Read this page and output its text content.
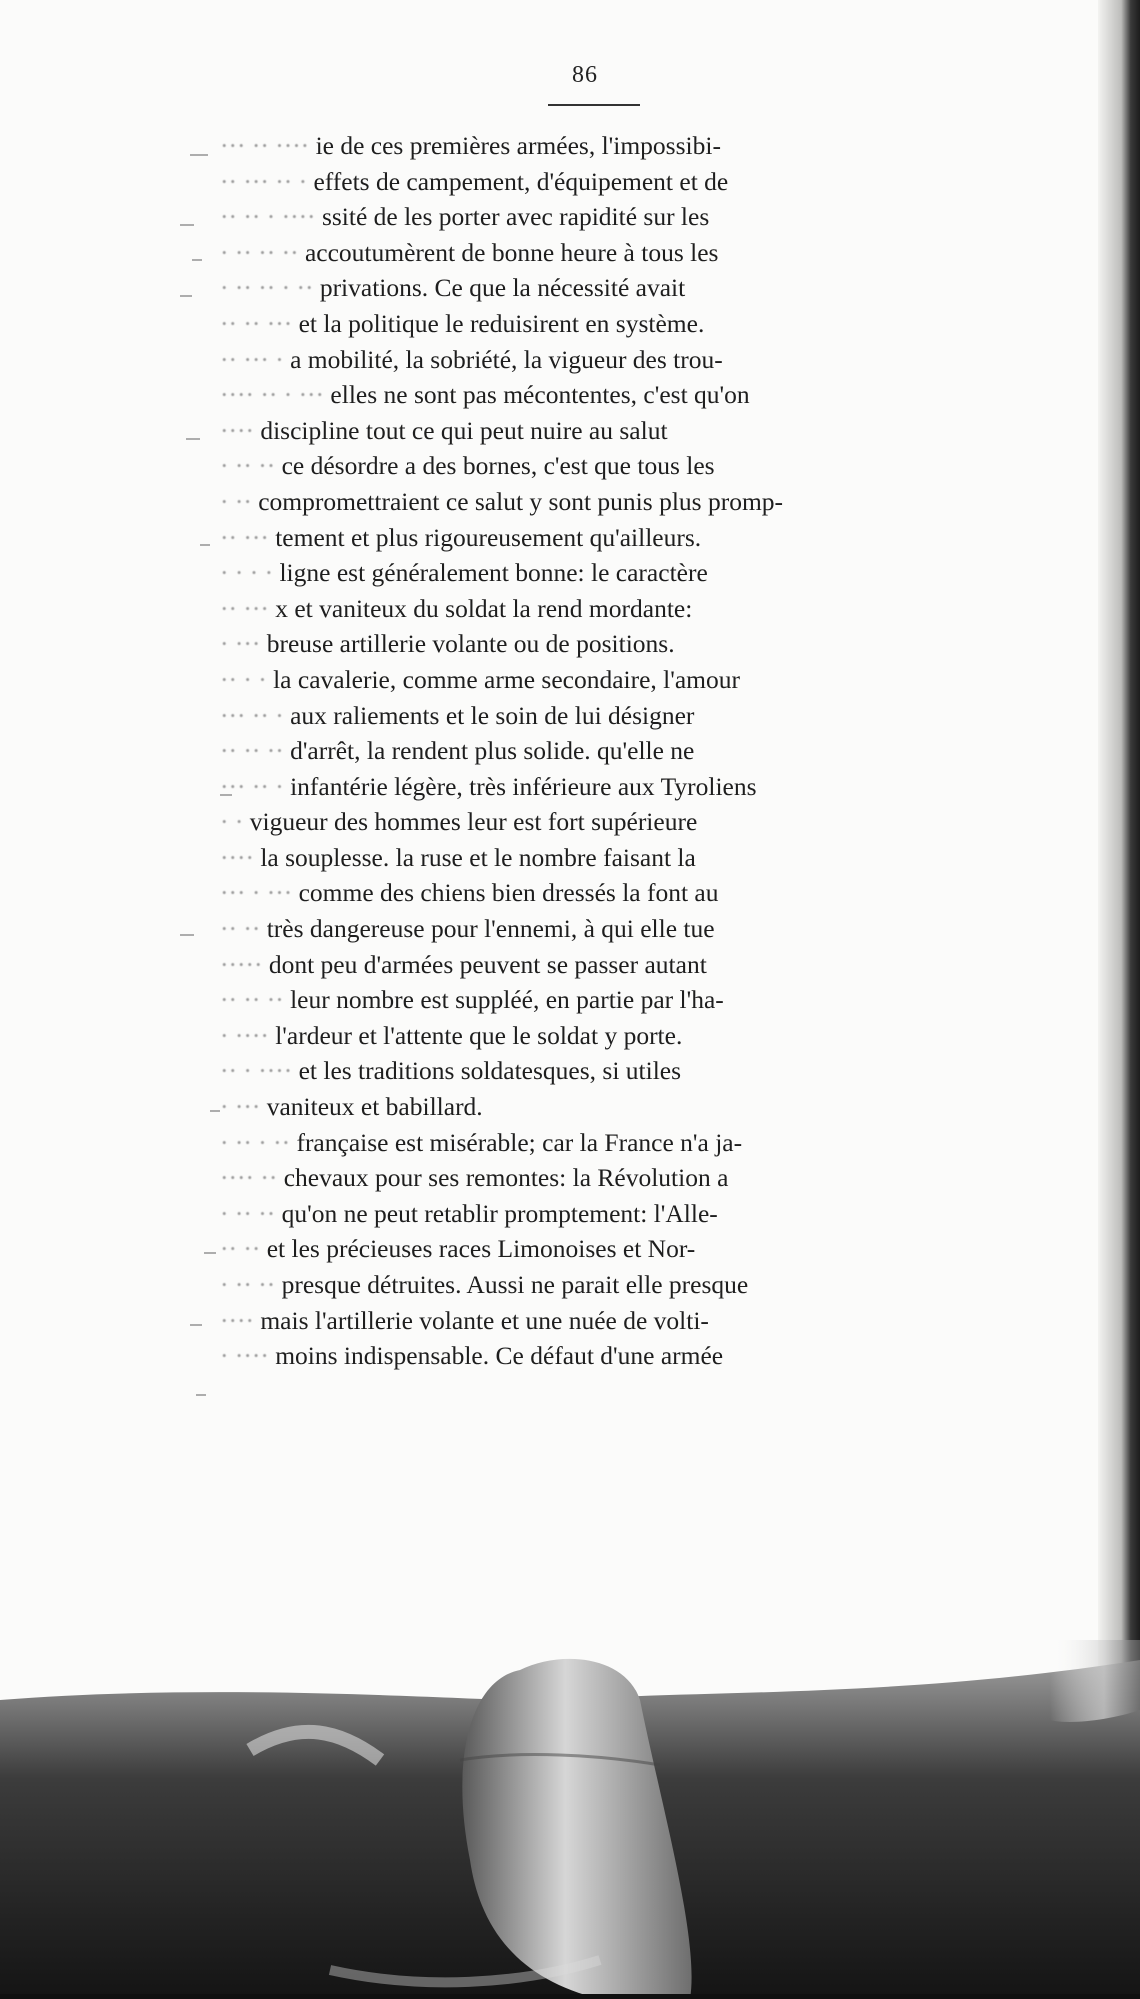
86
··· ·· ···· ie de ces premières armées, l'impossibi-
·· ··· ·· · effets de campement, d'équipement et de
·· ·· · ···· ssité de les porter avec rapidité sur les
· ·· ·· ·· accoutumèrent de bonne heure à tous les
· ·· ·· · ·· privations. Ce que la nécessité avait
·· ·· ··· et la politique le reduisirent en système.
·· ··· · a mobilité, la sobriété, la vigueur des trou-
···· ·· · ··· elles ne sont pas mécontentes, c'est qu'on
···· discipline tout ce qui peut nuire au salut
· ·· ·· ce désordre a des bornes, c'est que tous les
· ·· compromettraient ce salut y sont punis plus promp-
·· ··· tement et plus rigoureusement qu'ailleurs.
· · · · ligne est généralement bonne: le caractère
·· ··· x et vaniteux du soldat la rend mordante:
· ··· breuse artillerie volante ou de positions.
·· · · la cavalerie, comme arme secondaire, l'amour
··· ·· · aux raliements et le soin de lui désigner
·· ·· ·· d'arrêt, la rendent plus solide. qu'elle ne
··· ·· · infantérie légère, très inférieure aux Tyroliens
· · vigueur des hommes leur est fort supérieure
···· la souplesse. la ruse et le nombre faisant la
··· · ··· comme des chiens bien dressés la font au
·· ·· très dangereuse pour l'ennemi, à qui elle tue
····· dont peu d'armées peuvent se passer autant
·· ·· ·· leur nombre est suppléé, en partie par l'ha-
· ···· l'ardeur et l'attente que le soldat y porte.
·· · ···· et les traditions soldatesques, si utiles
· ··· vaniteux et babillard.
· ·· · ·· française est misérable; car la France n'a ja-
···· ·· chevaux pour ses remontes: la Révolution a
· ·· ·· qu'on ne peut retablir promptement: l'Alle-
·· ·· et les précieuses races Limonoises et Nor-
· ·· ·· presque détruites. Aussi ne parait elle presque
···· mais l'artillerie volante et une nuée de volti-
· ···· moins indispensable. Ce défaut d'une armée
